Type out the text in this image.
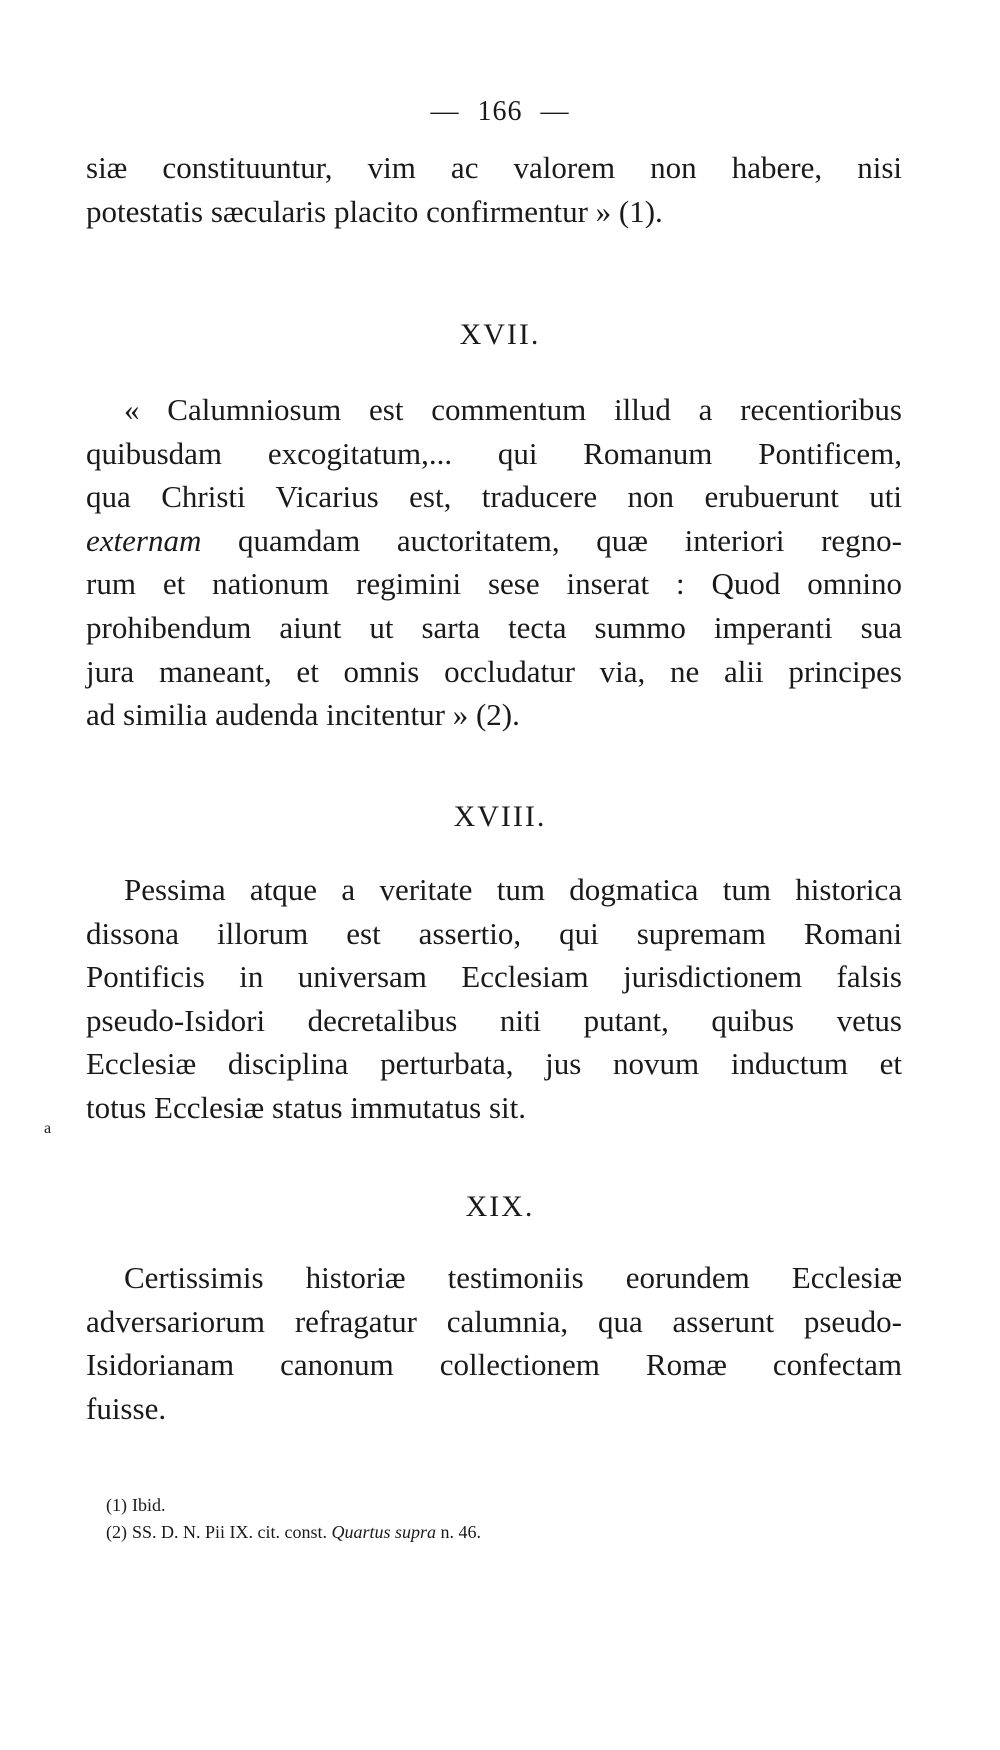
— 166 —
siæ constituuntur, vim ac valorem non habere, nisi
potestatis sæcularis placito confirmentur » (1).
XVII.
« Calumniosum est commentum illud a recentioribus
quibusdam excogitatum,... qui Romanum Pontificem,
qua Christi Vicarius est, traducere non erubuerunt uti
externam quamdam auctoritatem, quæ interiori regno-
rum et nationum regimini sese inserat : Quod omnino
prohibendum aiunt ut sarta tecta summo imperanti sua
jura maneant, et omnis occludatur via, ne alii principes
ad similia audenda incitentur » (2).
XVIII.
Pessima atque a veritate tum dogmatica tum historica
dissona illorum est assertio, qui supremam Romani
Pontificis in universam Ecclesiam jurisdictionem falsis
pseudo-Isidori decretalibus niti putant, quibus vetus
Ecclesiæ disciplina perturbata, jus novum inductum et
totus Ecclesiæ status immutatus sit.
a
XIX.
Certissimis historiæ testimoniis eorundem Ecclesiæ
adversariorum refragatur calumnia, qua asserunt pseudo-
Isidorianam canonum collectionem Romæ confectam
fuisse.
(1) Ibid.
(2) SS. D. N. Pii IX. cit. const. Quartus supra n. 46.
